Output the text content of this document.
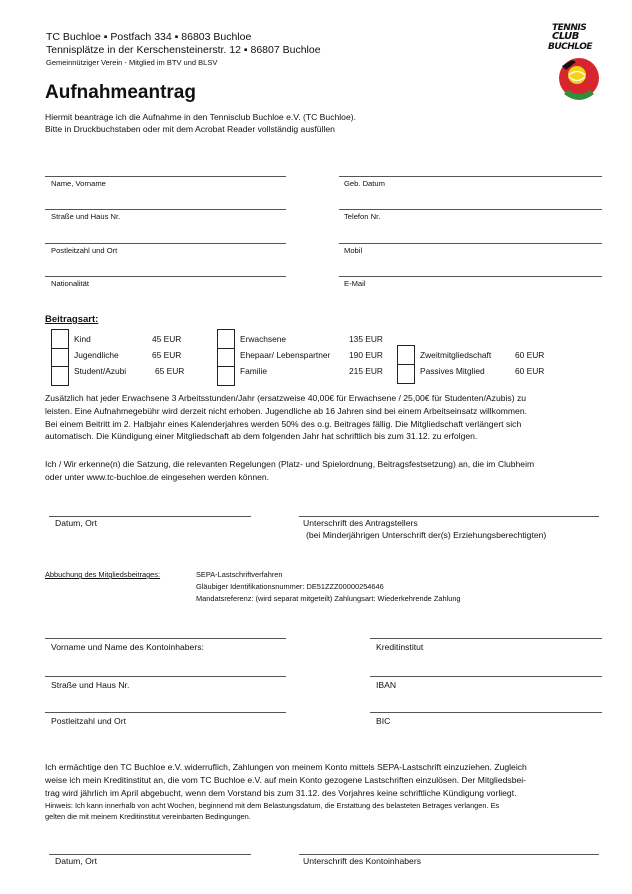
TC Buchloe ▪ Postfach 334 ▪ 86803 Buchloe
Tennisplätze in der Kerschensteinerstr. 12 ▪ 86807 Buchloe
Gemeinnütziger Verein - Mitglied im BTV und BLSV
TENNIS
CLUB
BUCHLOE
Aufnahmeantrag
Hiermit beantrage ich die Aufnahme in den Tennisclub Buchloe e.V. (TC Buchloe).
Bitte in Druckbuchstaben oder mit dem Acrobat Reader vollständig ausfüllen
Name, Vorname	Geb. Datum
Straße und Haus Nr.	Telefon Nr.
Postleitzahl und Ort	Mobil
Nationalität	E-Mail
Beitragsart:
Kind	45 EUR
Jugendliche	65 EUR
Student/Azubi	65 EUR
Erwachsene	135 EUR
Ehepaar/ Lebenspartner 190 EUR
Familie	215 EUR
Zweitmitgliedschaft	60 EUR
Passives Mitglied	60 EUR
Zusätzlich hat jeder Erwachsene 3 Arbeitsstunden/Jahr (ersatzweise 40,00€ für Erwachsene / 25,00€ für Studenten/Azubis) zu
leisten. Eine Aufnahmegebühr wird derzeit nicht erhoben. Jugendliche ab 16 Jahren sind bei einem Arbeitseinsatz willkommen.
Bei einem Beitritt im 2. Halbjahr eines Kalenderjahres werden 50% des o.g. Beitrages fällig. Die Mitgliedschaft verlängert sich
automatisch. Die Kündigung einer Mitgliedschaft ab dem folgenden Jahr hat schriftlich bis zum 31.12. zu erfolgen.
Ich / Wir erkenne(n) die Satzung, die relevanten Regelungen (Platz- und Spielordnung, Beitragsfestsetzung) an, die im Clubheim
oder unter www.tc-buchloe.de eingesehen werden können.
Datum, Ort	Unterschrift des Antragstellers
(bei Minderjährigen Unterschrift der(s) Erziehungsberechtigten)
Abbuchung des Mitgliedsbeitrages:	SEPA-Lastschriftverfahren
Gläubiger Identifikationsnummer: DE51ZZZ00000254646
Mandatsreferenz: (wird separat mitgeteilt) Zahlungsart: Wiederkehrende Zahlung
Vorname und Name des Kontoinhabers:	Kreditinstitut
Straße und Haus Nr.	IBAN
Postleitzahl und Ort	BIC
Ich ermächtige den TC Buchloe e.V. widerruflich, Zahlungen von meinem Konto mittels SEPA-Lastschrift einzuziehen. Zugleich
weise ich mein Kreditinstitut an, die vom TC Buchloe e.V. auf mein Konto gezogene Lastschriften einzulösen. Der Mitgliedsbei-
trag wird jährlich im April abgebucht, wenn dem Vorstand bis zum 31.12. des Vorjahres keine schriftliche Kündigung vorliegt.
Hinweis: Ich kann innerhalb von acht Wochen, beginnend mit dem Belastungsdatum, die Erstattung des belasteten Betrages verlangen. Es
gelten die mit meinem Kreditinstitut vereinbarten Bedingungen.
Datum, Ort	Unterschrift des Kontoinhabers
